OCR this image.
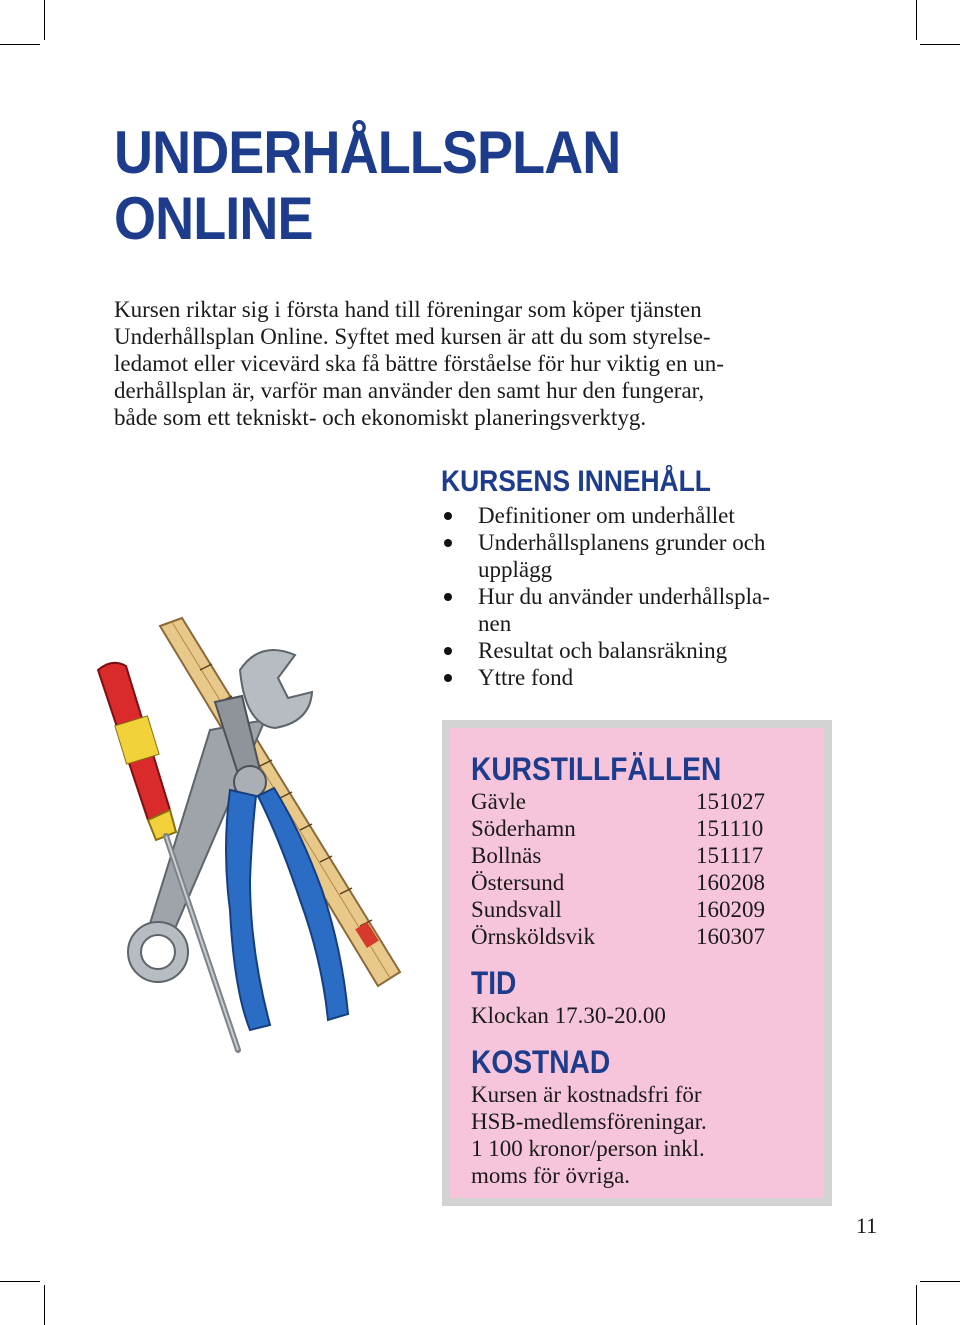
UNDERHÅLLSPLAN
ONLINE
Kursen riktar sig i första hand till föreningar som köper tjänsten
Underhållsplan Online. Syftet med kursen är att du som styrelse-
ledamot eller vicevärd ska få bättre förståelse för hur viktig en un-
derhållsplan är, varför man använder den samt hur den fungerar,
både som ett tekniskt- och ekonomiskt planeringsverktyg.
KURSENS INNEHÅLL
Definitioner om underhållet
Underhållsplanens grunder och
upplägg
Hur du använder underhållspla-
nen
Resultat och balansräkning
Yttre fond
KURSTILLFÄLLEN
Gävle	151027
Söderhamn	151110
Bollnäs	151117
Östersund	160208
Sundsvall	160209
Örnsköldsvik	160307
TID
Klockan 17.30-20.00
KOSTNAD
Kursen är kostnadsfri för
HSB-medlemsföreningar.
1 100 kronor/person inkl.
moms för övriga.
11
